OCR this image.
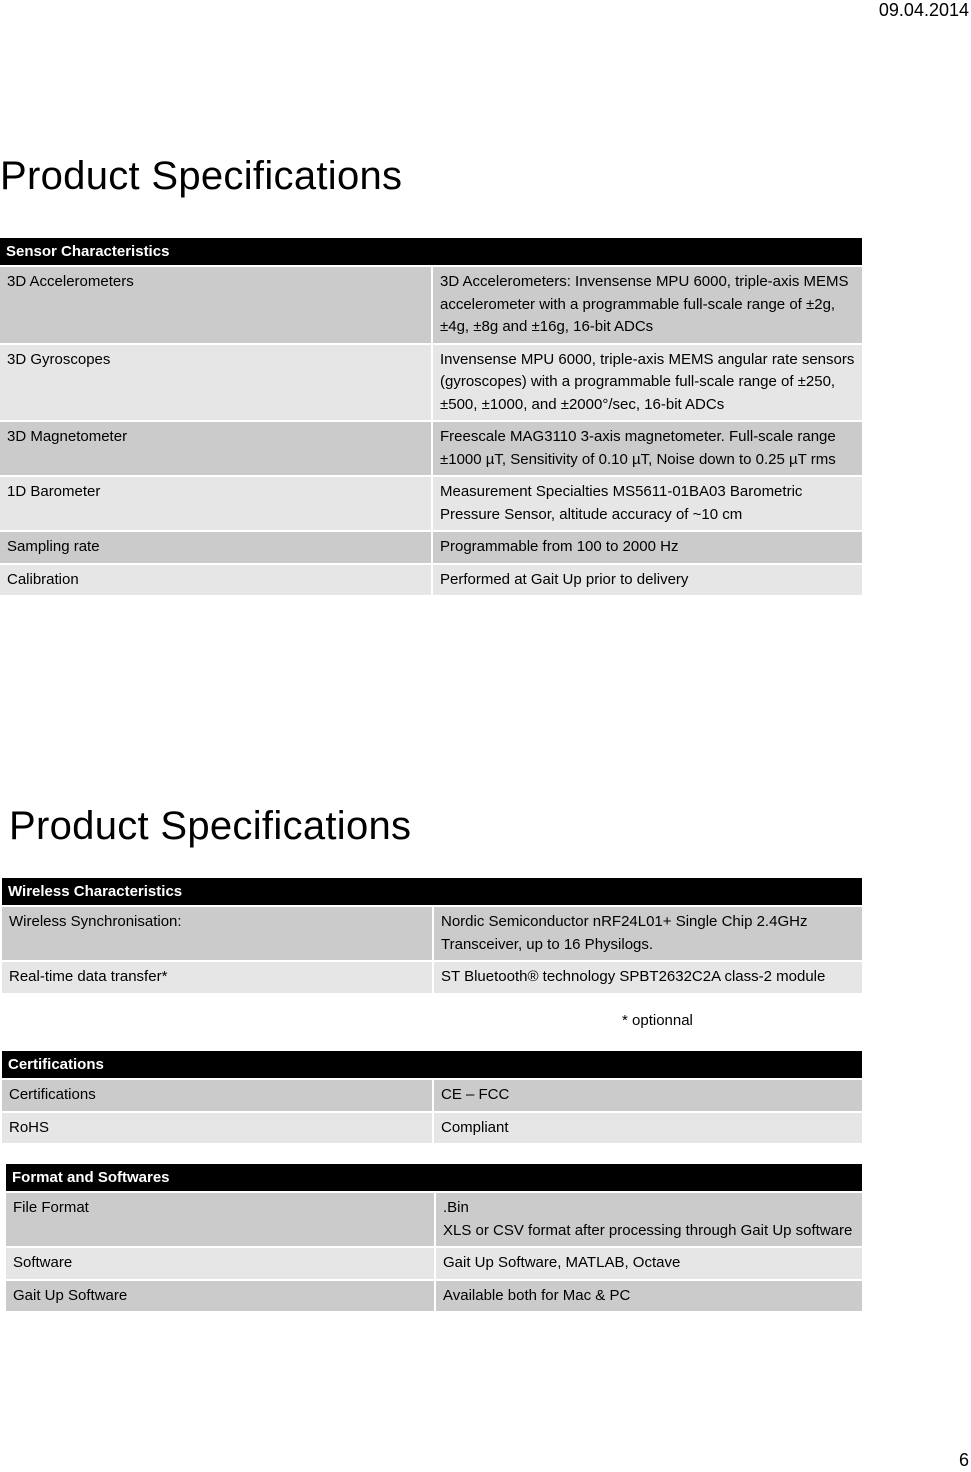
09.04.2014
Product Specifications
Sensor Characteristics	
3D Accelerometers	3D Accelerometers: Invensense MPU 6000, triple-axis MEMS accelerometer with a programmable full-scale range of ±2g, ±4g, ±8g and ±16g, 16-bit ADCs
3D Gyroscopes	Invensense MPU 6000, triple-axis MEMS angular rate sensors (gyroscopes) with a programmable full-scale range of ±250, ±500, ±1000, and ±2000°/sec, 16-bit ADCs
3D Magnetometer	Freescale MAG3110 3-axis magnetometer. Full-scale range ±1000 µT, Sensitivity of 0.10 µT, Noise down to 0.25 µT rms
1D Barometer	Measurement Specialties MS5611-01BA03 Barometric Pressure Sensor, altitude accuracy of ~10 cm
Sampling rate	Programmable from 100 to 2000 Hz
Calibration	Performed at Gait Up prior to delivery
Product Specifications
Wireless Characteristics	
Wireless Synchronisation:	Nordic Semiconductor nRF24L01+ Single Chip 2.4GHz Transceiver, up to 16 Physilogs.
Real-time data transfer*	ST Bluetooth® technology SPBT2632C2A class-2 module
* optionnal
Certifications	
Certifications	CE – FCC
RoHS	Compliant
Format and Softwares	
File Format	.Bin
XLS or CSV format after processing through Gait Up software

Software	Gait Up Software, MATLAB, Octave
Gait Up Software	Available both for Mac & PC
6
